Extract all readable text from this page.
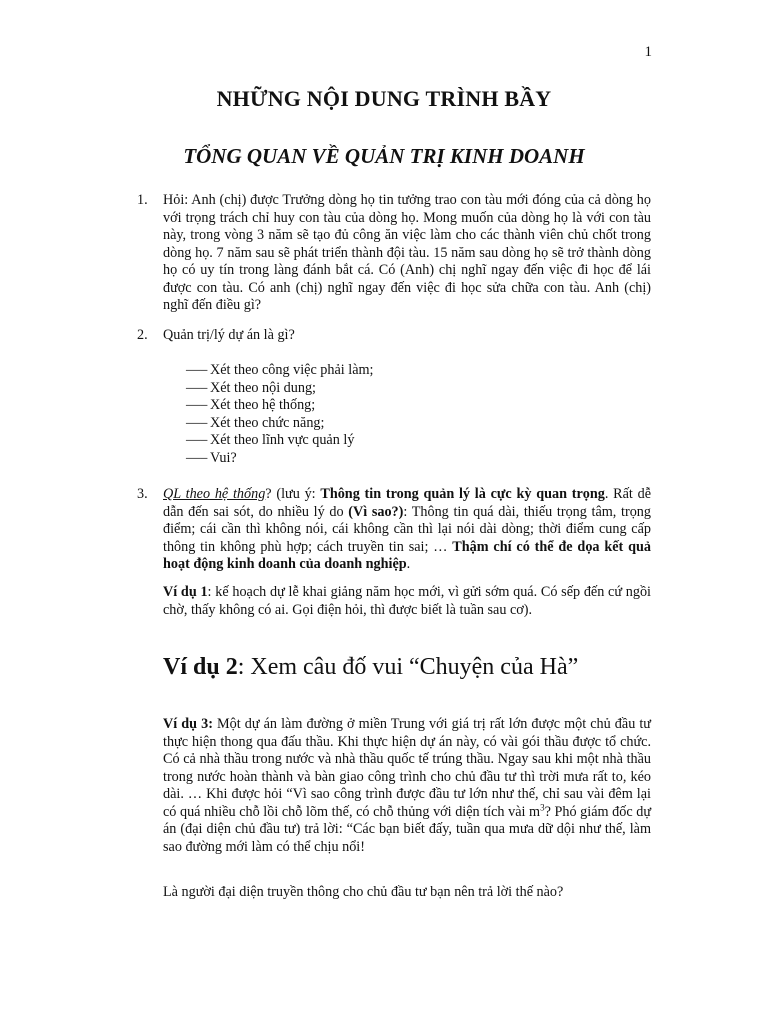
1
NHỮNG NỘI DUNG TRÌNH BẦY
TỔNG QUAN VỀ QUẢN TRỊ KINH DOANH
1. Hỏi: Anh (chị) được Trưởng dòng họ tin tưởng trao con tàu mới đóng của cả dòng họ với trọng trách chỉ huy con tàu của dòng họ. Mong muốn của dòng họ là với con tàu này, trong vòng 3 năm sẽ tạo đủ công ăn việc làm cho các thành viên chủ chốt trong dòng họ. 7 năm sau sẽ phát triển thành đội tàu. 15 năm sau dòng họ sẽ trở thành dòng họ có uy tín trong làng đánh bắt cá. Có (Anh) chị nghĩ ngay đến việc đi học để lái được con tàu. Có anh (chị) nghĩ ngay đến việc đi học sửa chữa con tàu. Anh (chị) nghĩ đến điều gì?

2. Quản trị/lý dự án là gì?

—– Xét theo công việc phải làm;
—– Xét theo nội dung;
—– Xét theo hệ thống;
—– Xét theo chức năng;
—– Xét theo lĩnh vực quản lý
—– Vui?
3. QL theo hệ thống? (lưu ý: Thông tin trong quản lý là cực kỳ quan trọng. Rất dễ dẫn đến sai sót, do nhiều lý do (Vì sao?): Thông tin quá dài, thiếu trọng tâm, trọng điểm; cái cần thì không nói, cái không cần thì lại nói dài dòng; thời điểm cung cấp thông tin không phù hợp; cách truyền tin sai; … Thậm chí có thể đe dọa kết quả hoạt động kinh doanh của doanh nghiệp.

Ví dụ 1: kế hoạch dự lễ khai giảng năm học mới, vì gửi sớm quá. Có sếp đến cứ ngồi chờ, thấy không có ai. Gọi điện hỏi, thì được biết là tuần sau cơ).

Ví dụ 2: Xem câu đố vui “Chuyện của Hà”

Ví dụ 3: Một dự án làm đường ở miền Trung với giá trị rất lớn được một chủ đầu tư thực hiện thong qua đấu thầu. Khi thực hiện dự án này, có vài gói thầu được tổ chức. Có cả nhà thầu trong nước và nhà thầu quốc tế trúng thầu. Ngay sau khi một nhà thầu trong nước hoàn thành và bàn giao công trình cho chủ đầu tư thì trời mưa rất to, kéo dài. … Khi được hỏi “Vì sao công trình được đầu tư lớn như thế, chỉ sau vài đêm lại có quá nhiều chỗ lồi chỗ lõm thế, có chỗ thủng với diện tích vài $m^3$? Phó giám đốc dự án (đại diện chủ đầu tư) trả lời: “Các bạn biết đấy, tuần qua mưa dữ dội như thế, làm sao đường mới làm có thể chịu nổi!

Là người đại diện truyền thông cho chủ đầu tư bạn nên trả lời thế nào?
